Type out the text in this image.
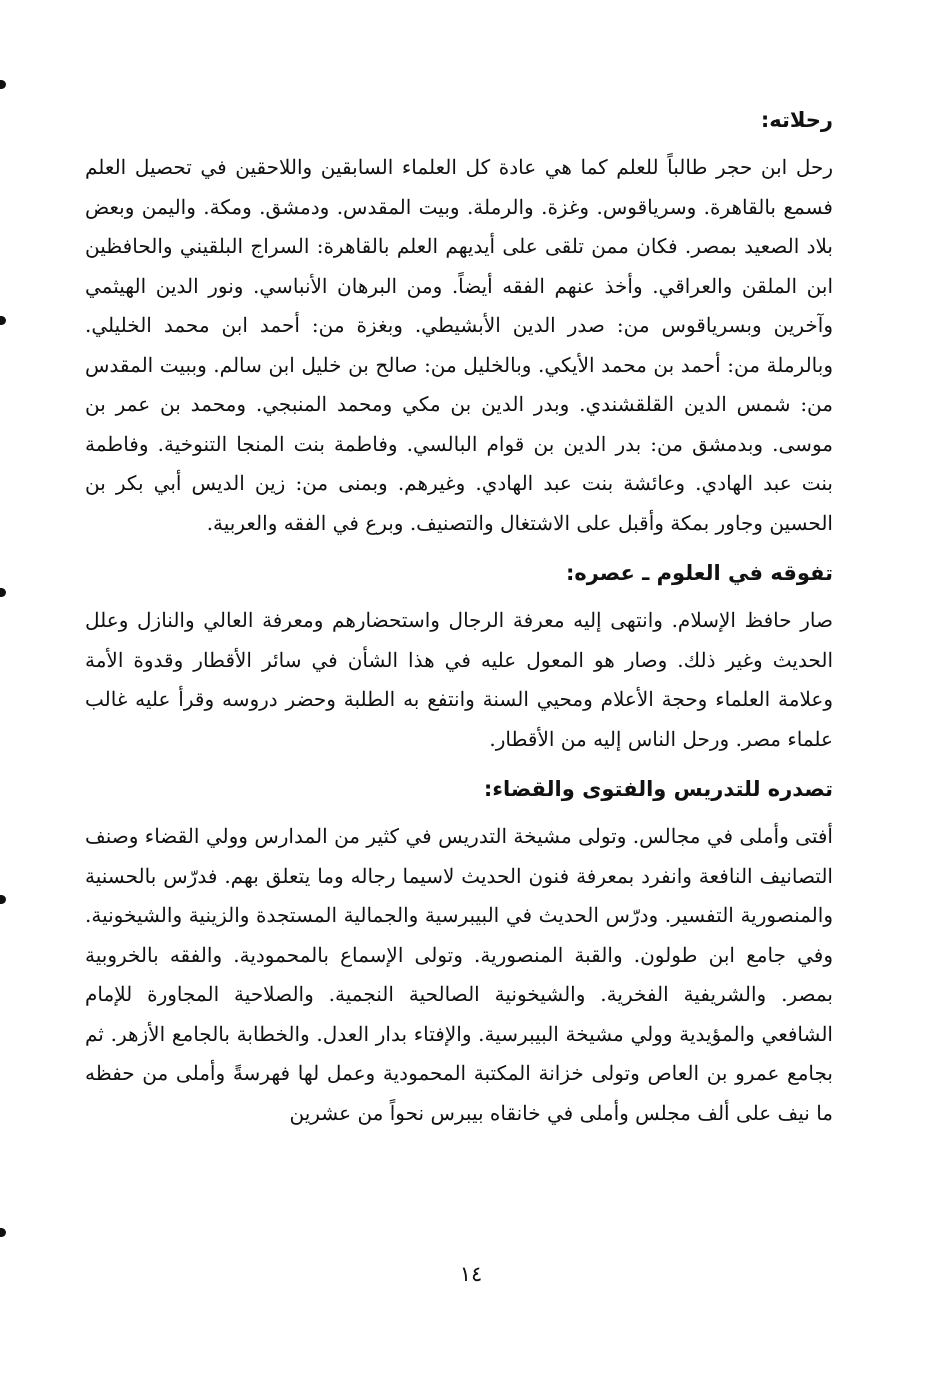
رحلاته:

رحل ابن حجر طالباً للعلم كما هي عادة كل العلماء السابقين واللاحقين في تحصيل العلم فسمع بالقاهرة. وسرياقوس. وغزة. والرملة. وبيت المقدس. ودمشق. ومكة. واليمن وبعض بلاد الصعيد بمصر. فكان ممن تلقى على أيديهم العلم بالقاهرة: السراج البلقيني والحافظين ابن الملقن والعراقي. وأخذ عنهم الفقه أيضاً. ومن البرهان الأنباسي. ونور الدين الهيثمي وآخرين وبسرياقوس من: صدر الدين الأبشيطي. وبغزة من: أحمد ابن محمد الخليلي. وبالرملة من: أحمد بن محمد الأيكي. وبالخليل من: صالح بن خليل ابن سالم. وببيت المقدس من: شمس الدين القلقشندي. وبدر الدين بن مكي ومحمد المنبجي. ومحمد بن عمر بن موسى. وبدمشق من: بدر الدين بن قوام البالسي. وفاطمة بنت المنجا التنوخية. وفاطمة بنت عبد الهادي. وعائشة بنت عبد الهادي. وغيرهم. وبمنى من: زين الديس أبي بكر بن الحسين وجاور بمكة وأقبل على الاشتغال والتصنيف. وبرع في الفقه والعربية.

تفوقه في العلوم ـ عصره:

صار حافظ الإسلام. وانتهى إليه معرفة الرجال واستحضارهم ومعرفة العالي والنازل وعلل الحديث وغير ذلك. وصار هو المعول عليه في هذا الشأن في سائر الأقطار وقدوة الأمة وعلامة العلماء وحجة الأعلام ومحيي السنة وانتفع به الطلبة وحضر دروسه وقرأ عليه غالب علماء مصر. ورحل الناس إليه من الأقطار.

تصدره للتدريس والفتوى والقضاء:

أفتى وأملى في مجالس. وتولى مشيخة التدريس في كثير من المدارس وولي القضاء وصنف التصانيف النافعة وانفرد بمعرفة فنون الحديث لاسيما رجاله وما يتعلق بهم. فدرّس بالحسنية والمنصورية التفسير. ودرّس الحديث في البيبرسية والجمالية المستجدة والزينية والشيخونية. وفي جامع ابن طولون. والقبة المنصورية. وتولى الإسماع بالمحمودية. والفقه بالخروبية بمصر. والشريفية الفخرية. والشيخونية الصالحية النجمية. والصلاحية المجاورة للإمام الشافعي والمؤيدية وولي مشيخة البيبرسية. والإفتاء بدار العدل. والخطابة بالجامع الأزهر. ثم بجامع عمرو بن العاص وتولى خزانة المكتبة المحمودية وعمل لها فهرسةً وأملى من حفظه ما نيف على ألف مجلس وأملى في خانقاه بيبرس نحواً من عشرين

١٤
